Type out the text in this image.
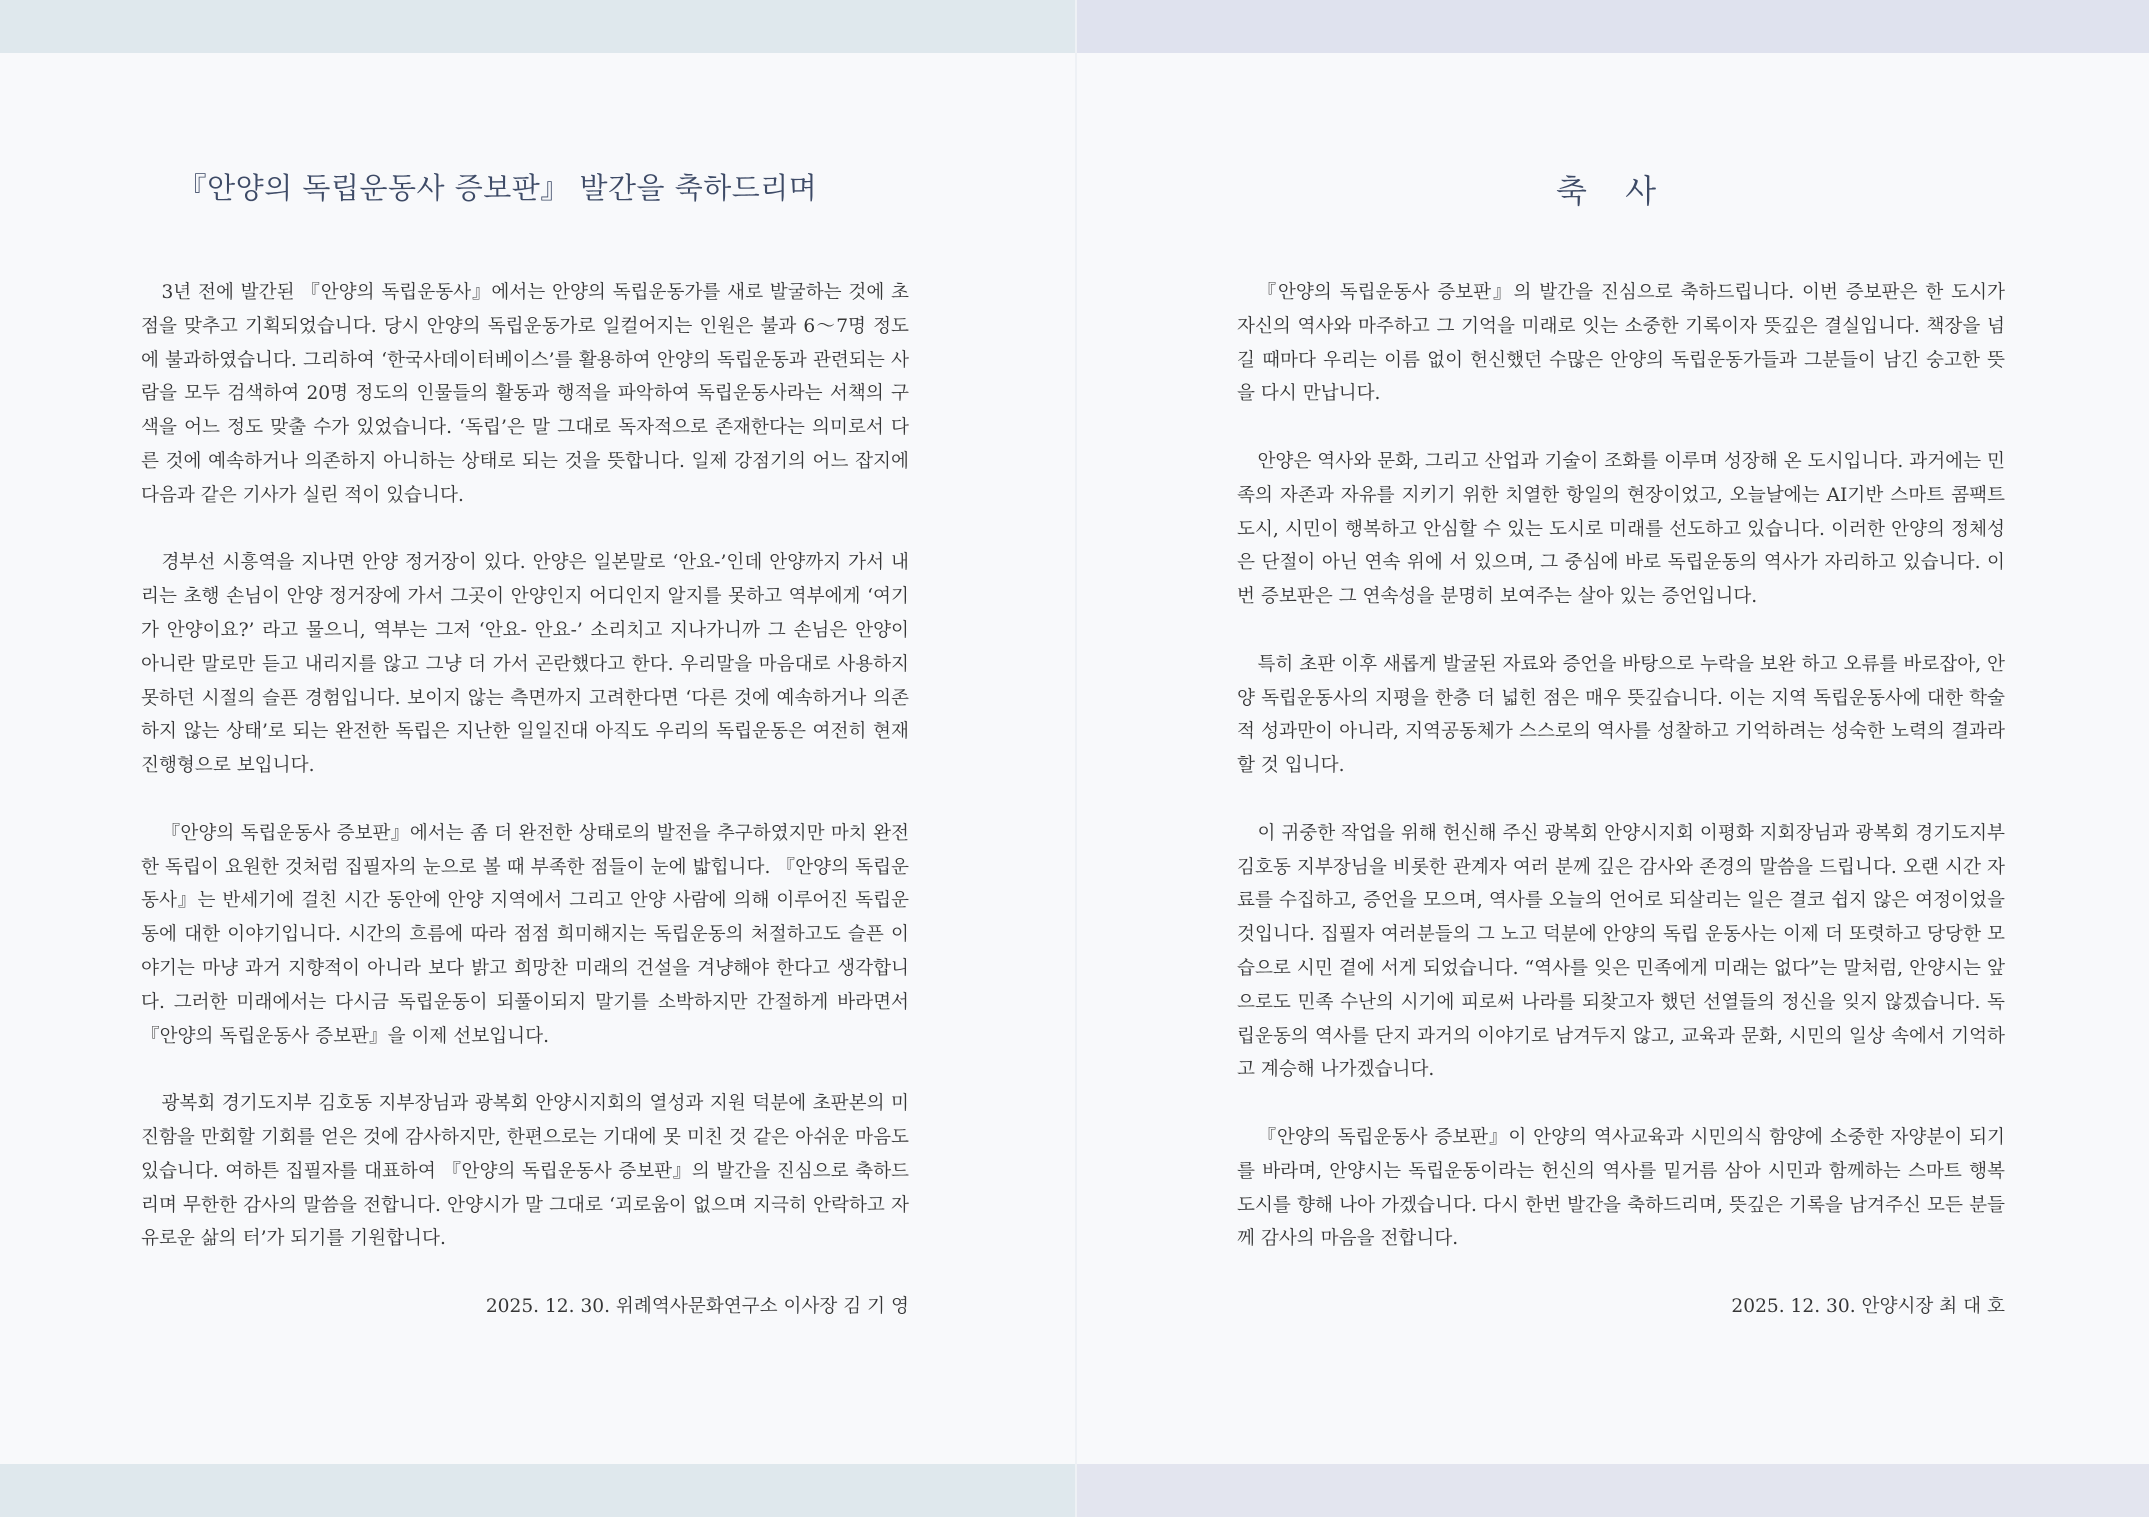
『안양의 독립운동사 증보판』 발간을 축하드리며

3년 전에 발간된 『안양의 독립운동사』에서는 안양의 독립운동가를 새로 발굴하는 것에 초점을 맞추고 기획되었습니다. 당시 안양의 독립운동가로 일컬어지는 인원은 불과 6～7명 정도에 불과하였습니다. 그리하여 ‘한국사데이터베이스’를 활용하여 안양의 독립운동과 관련되는 사람을 모두 검색하여 20명 정도의 인물들의 활동과 행적을 파악하여 독립운동사라는 서책의 구색을 어느 정도 맞출 수가 있었습니다. ‘독립’은 말 그대로 독자적으로 존재한다는 의미로서 다른 것에 예속하거나 의존하지 아니하는 상태로 되는 것을 뜻합니다. 일제 강점기의 어느 잡지에 다음과 같은 기사가 실린 적이 있습니다.

경부선 시흥역을 지나면 안양 정거장이 있다. 안양은 일본말로 ‘안요-’인데 안양까지 가서 내리는 초행 손님이 안양 정거장에 가서 그곳이 안양인지 어디인지 알지를 못하고 역부에게 ‘여기가 안양이요?’ 라고 물으니, 역부는 그저 ‘안요- 안요-’ 소리치고 지나가니까 그 손님은 안양이 아니란 말로만 듣고 내리지를 않고 그냥 더 가서 곤란했다고 한다. 우리말을 마음대로 사용하지 못하던 시절의 슬픈 경험입니다. 보이지 않는 측면까지 고려한다면 ‘다른 것에 예속하거나 의존하지 않는 상태’로 되는 완전한 독립은 지난한 일일진대 아직도 우리의 독립운동은 여전히 현재진행형으로 보입니다.

『안양의 독립운동사 증보판』에서는 좀 더 완전한 상태로의 발전을 추구하였지만 마치 완전한 독립이 요원한 것처럼 집필자의 눈으로 볼 때 부족한 점들이 눈에 밟힙니다. 『안양의 독립운동사』는 반세기에 걸친 시간 동안에 안양 지역에서 그리고 안양 사람에 의해 이루어진 독립운동에 대한 이야기입니다. 시간의 흐름에 따라 점점 희미해지는 독립운동의 처절하고도 슬픈 이야기는 마냥 과거 지향적이 아니라 보다 밝고 희망찬 미래의 건설을 겨냥해야 한다고 생각합니다. 그러한 미래에서는 다시금 독립운동이 되풀이되지 말기를 소박하지만 간절하게 바라면서 『안양의 독립운동사 증보판』을 이제 선보입니다.

광복회 경기도지부 김호동 지부장님과 광복회 안양시지회의 열성과 지원 덕분에 초판본의 미진함을 만회할 기회를 얻은 것에 감사하지만, 한편으로는 기대에 못 미친 것 같은 아쉬운 마음도 있습니다. 여하튼 집필자를 대표하여 『안양의 독립운동사 증보판』의 발간을 진심으로 축하드리며 무한한 감사의 말씀을 전합니다. 안양시가 말 그대로 ‘괴로움이 없으며 지극히 안락하고 자유로운 삶의 터’가 되기를 기원합니다.

2025. 12. 30. 위례역사문화연구소 이사장 김 기 영
축 사

『안양의 독립운동사 증보판』의 발간을 진심으로 축하드립니다. 이번 증보판은 한 도시가 자신의 역사와 마주하고 그 기억을 미래로 잇는 소중한 기록이자 뜻깊은 결실입니다. 책장을 넘길 때마다 우리는 이름 없이 헌신했던 수많은 안양의 독립운동가들과 그분들이 남긴 숭고한 뜻을 다시 만납니다.

안양은 역사와 문화, 그리고 산업과 기술이 조화를 이루며 성장해 온 도시입니다. 과거에는 민족의 자존과 자유를 지키기 위한 치열한 항일의 현장이었고, 오늘날에는 AI기반 스마트 콤팩트 도시, 시민이 행복하고 안심할 수 있는 도시로 미래를 선도하고 있습니다. 이러한 안양의 정체성은 단절이 아닌 연속 위에 서 있으며, 그 중심에 바로 독립운동의 역사가 자리하고 있습니다. 이번 증보판은 그 연속성을 분명히 보여주는 살아 있는 증언입니다.

특히 초판 이후 새롭게 발굴된 자료와 증언을 바탕으로 누락을 보완 하고 오류를 바로잡아, 안양 독립운동사의 지평을 한층 더 넓힌 점은 매우 뜻깊습니다. 이는 지역 독립운동사에 대한 학술적 성과만이 아니라, 지역공동체가 스스로의 역사를 성찰하고 기억하려는 성숙한 노력의 결과라 할 것 입니다.

이 귀중한 작업을 위해 헌신해 주신 광복회 안양시지회 이평화 지회장님과 광복회 경기도지부 김호동 지부장님을 비롯한 관계자 여러 분께 깊은 감사와 존경의 말씀을 드립니다. 오랜 시간 자료를 수집하고, 증언을 모으며, 역사를 오늘의 언어로 되살리는 일은 결코 쉽지 않은 여정이었을 것입니다. 집필자 여러분들의 그 노고 덕분에 안양의 독립 운동사는 이제 더 또렷하고 당당한 모습으로 시민 곁에 서게 되었습니다. “역사를 잊은 민족에게 미래는 없다”는 말처럼, 안양시는 앞으로도 민족 수난의 시기에 피로써 나라를 되찾고자 했던 선열들의 정신을 잊지 않겠습니다. 독립운동의 역사를 단지 과거의 이야기로 남겨두지 않고, 교육과 문화, 시민의 일상 속에서 기억하고 계승해 나가겠습니다.

『안양의 독립운동사 증보판』이 안양의 역사교육과 시민의식 함양에 소중한 자양분이 되기를 바라며, 안양시는 독립운동이라는 헌신의 역사를 밑거름 삼아 시민과 함께하는 스마트 행복도시를 향해 나아 가겠습니다. 다시 한번 발간을 축하드리며, 뜻깊은 기록을 남겨주신 모든 분들께 감사의 마음을 전합니다.

2025. 12. 30. 안양시장 최 대 호
